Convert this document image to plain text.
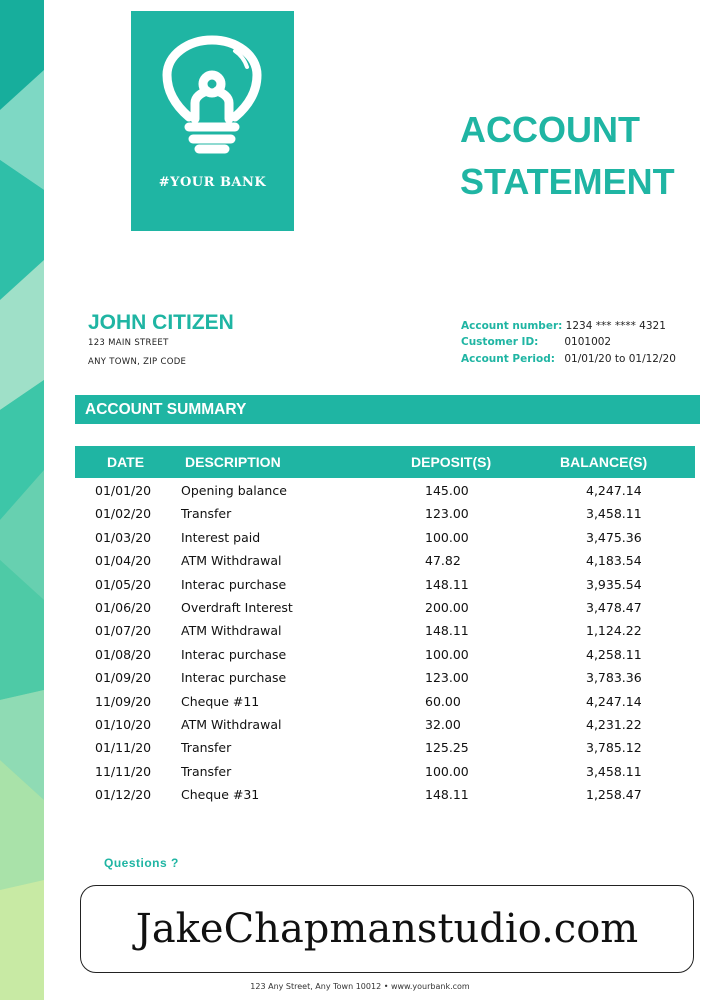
#YOUR BANK
ACCOUNT
STATEMENT
JOHN CITIZEN
123 MAIN STREET
ANY TOWN, ZIP CODE
Account number: 1234 *** **** 4321
Customer ID: 0101002
Account Period: 01/01/20 to 01/12/20
ACCOUNT SUMMARY
DATE	DESCRIPTION	DEPOSIT(S)	BALANCE(S)
01/01/20 Opening balance	145.00	4,247.14
01/02/20 Transfer	123.00	3,458.11
01/03/20 Interest paid	100.00	3,475.36
01/04/20 ATM Withdrawal	47.82	4,183.54
01/05/20 Interac purchase	148.11	3,935.54
01/06/20 Overdraft Interest	200.00	3,478.47
01/07/20 ATM Withdrawal	148.11	1,124.22
01/08/20 Interac purchase	100.00	4,258.11
01/09/20 Interac purchase	123.00	3,783.36
11/09/20 Cheque #11	60.00	4,247.14
01/10/20 ATM Withdrawal	32.00	4,231.22
01/11/20 Transfer	125.25	3,785.12
11/11/20 Transfer	100.00	3,458.11
01/12/20 Cheque #31	148.11	1,258.47
Questions ?
JakeChapmanstudio.com
123 Any Street, Any Town 10012 • www.yourbank.com
